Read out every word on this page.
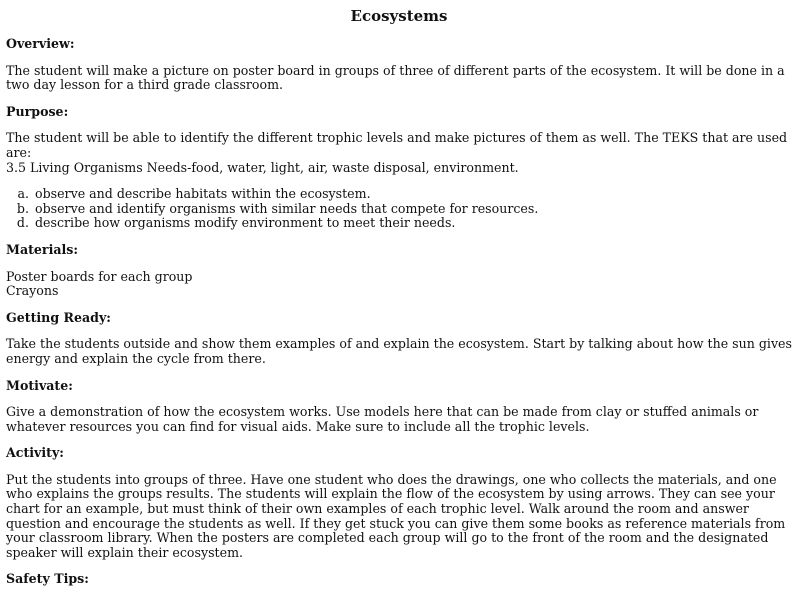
Ecosystems
Overview:

The student will make a picture on poster board in groups of three of different parts of the ecosystem. It will be done in a two day lesson for a third grade classroom.

Purpose:

The student will be able to identify the different trophic levels and make pictures of them as well. The TEKS that are used are:

3.5 Living Organisms Needs-food, water, light, air, waste disposal, environment.

a. observe and describe habitats within the ecosystem.
b. observe and identify organisms with similar needs that compete for resources.
d. describe how organisms modify environment to meet their needs.
Materials:
Poster boards for each group
Crayons
Getting Ready:

Take the students outside and show them examples of and explain the ecosystem. Start by talking about how the sun gives energy and explain the cycle from there.

Motivate:

Give a demonstration of how the ecosystem works. Use models here that can be made from clay or stuffed animals or whatever resources you can find for visual aids. Make sure to include all the trophic levels.

Activity:

Put the students into groups of three. Have one student who does the drawings, one who collects the materials, and one who explains the groups results. The students will explain the flow of the ecosystem by using arrows. They can see your chart for an example, but must think of their own examples of each trophic level. Walk around the room and answer question and encourage the students as well. If they get stuck you can give them some books as reference materials from your classroom library. When the posters are completed each group will go to the front of the room and the designated speaker will explain their ecosystem.

Safety Tips:
